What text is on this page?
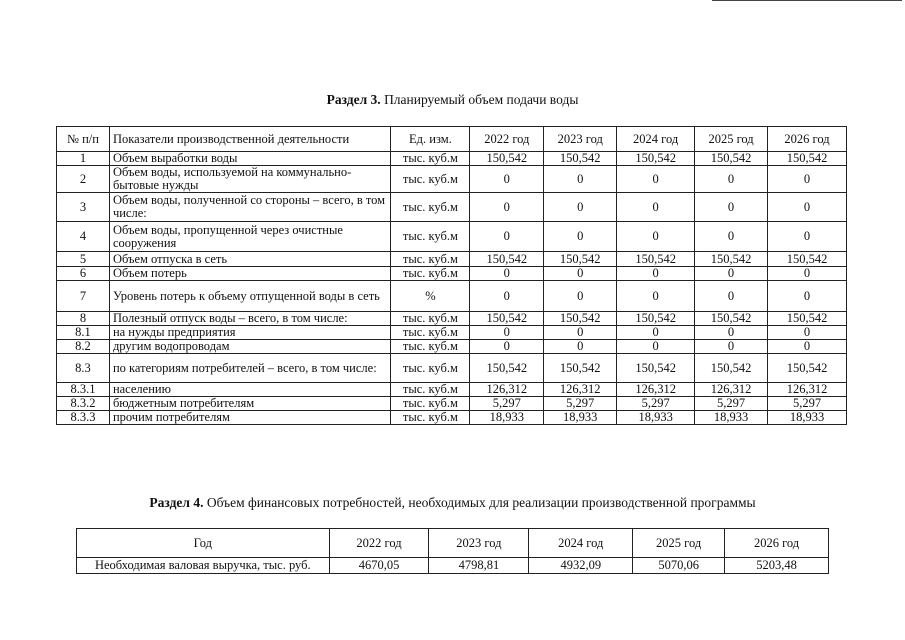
Раздел 3. Планируемый объем подачи воды
№ п/п	Показатели производственной деятельности	Ед. изм.	2022 год	2023 год	2024 год	2025 год	2026 год
1	Объем выработки воды	тыс. куб.м	150,542	150,542	150,542	150,542	150,542
2	Объем воды, используемой на коммунально-бытовые нужды	тыс. куб.м	0	0	0	0	0
3	Объем воды, полученной со стороны – всего, в том числе:	тыс. куб.м	0	0	0	0	0
4	Объем воды, пропущенной через очистные сооружения	тыс. куб.м	0	0	0	0	0
5	Объем отпуска в сеть	тыс. куб.м	150,542	150,542	150,542	150,542	150,542
6	Объем потерь	тыс. куб.м	0	0	0	0	0
7	Уровень потерь к объему отпущенной воды в сеть	%	0	0	0	0	0
8	Полезный отпуск воды – всего, в том числе:	тыс. куб.м	150,542	150,542	150,542	150,542	150,542
8.1	на нужды предприятия	тыс. куб.м	0	0	0	0	0
8.2	другим водопроводам	тыс. куб.м	0	0	0	0	0
8.3	по категориям потребителей – всего, в том числе:	тыс. куб.м	150,542	150,542	150,542	150,542	150,542
8.3.1	населению	тыс. куб.м	126,312	126,312	126,312	126,312	126,312
8.3.2	бюджетным потребителям	тыс. куб.м	5,297	5,297	5,297	5,297	5,297
8.3.3	прочим потребителям	тыс. куб.м	18,933	18,933	18,933	18,933	18,933
Раздел 4. Объем финансовых потребностей, необходимых для реализации производственной программы
Год	2022 год	2023 год	2024 год	2025 год	2026 год
Необходимая валовая выручка, тыс. руб.	4670,05	4798,81	4932,09	5070,06	5203,48
